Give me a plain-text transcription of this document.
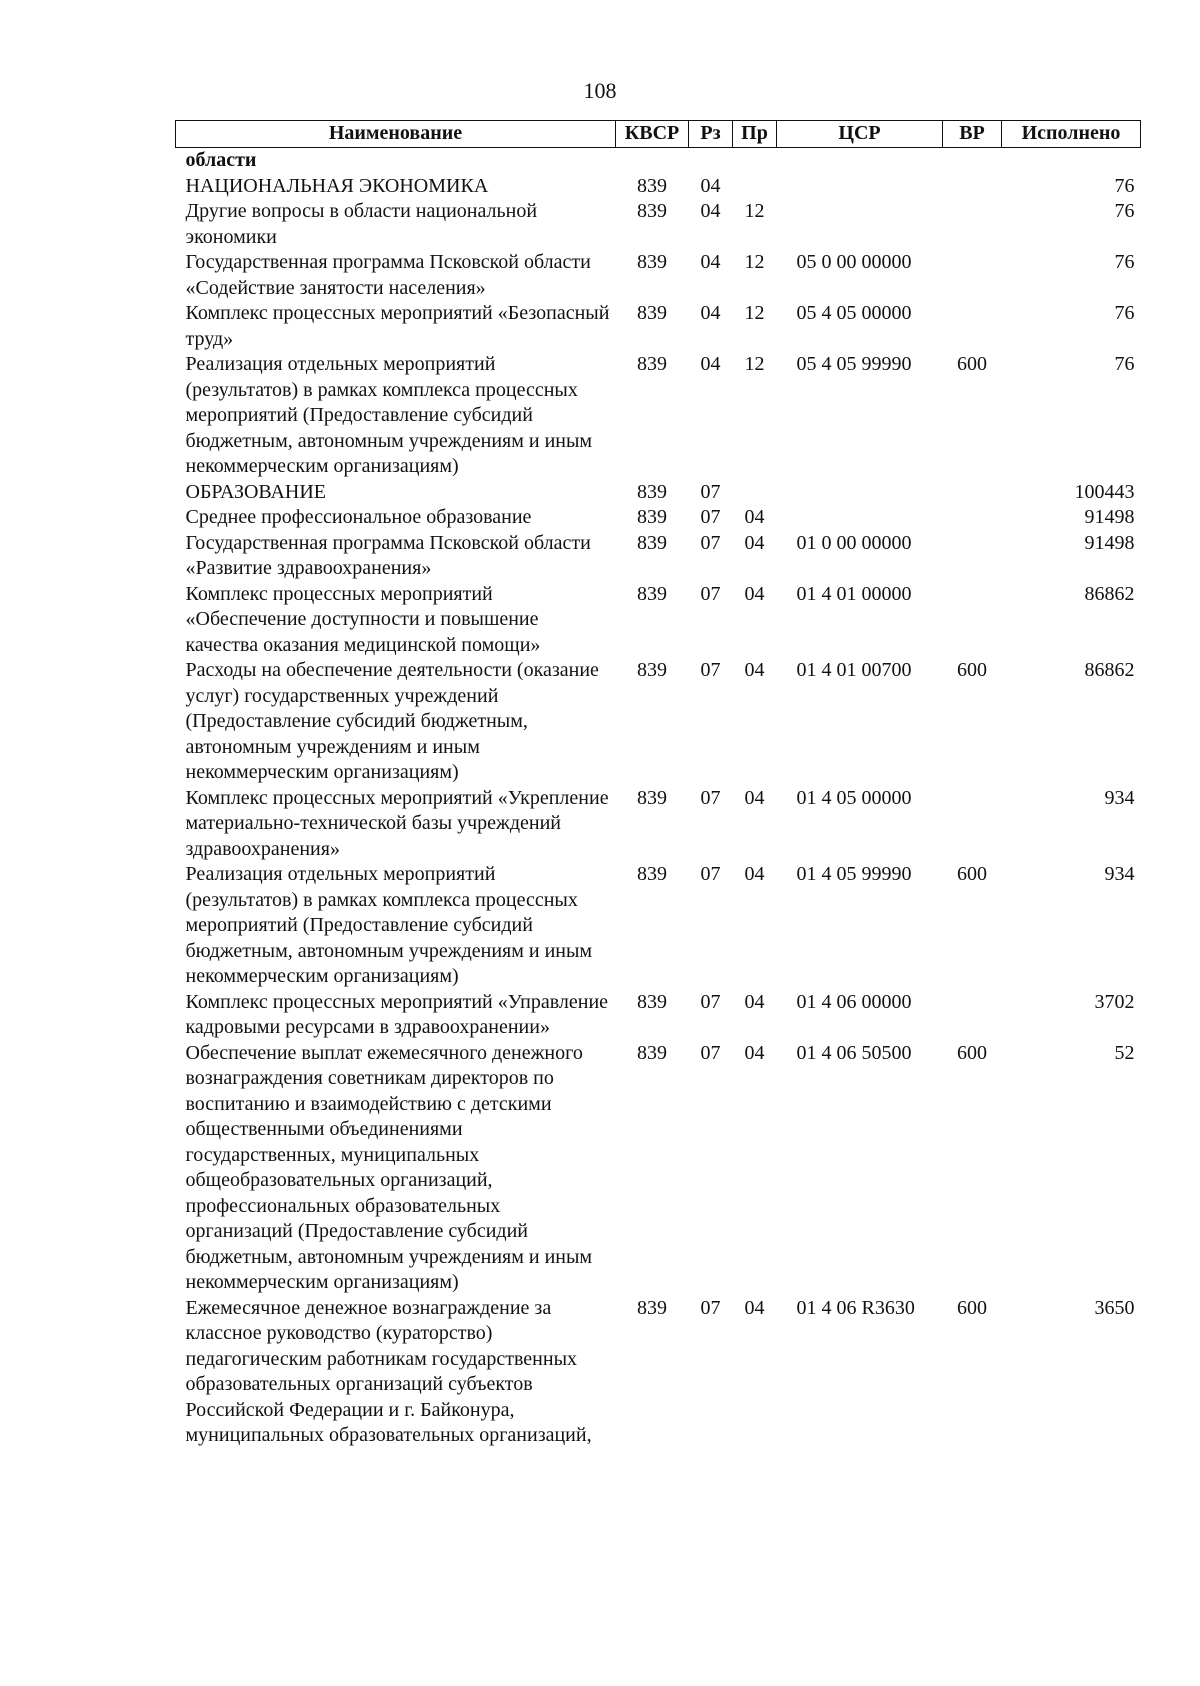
108
Наименование	КВСР	Рз	Пр	ЦСР	ВР	Исполнено
области						
НАЦИОНАЛЬНАЯ ЭКОНОМИКА	839	04				76
Другие вопросы в области национальной экономики	839	04	12			76
Государственная программа Псковской области «Содействие занятости населения»	839	04	12	05 0 00 00000		76
Комплекс процессных мероприятий «Безопасный труд»	839	04	12	05 4 05 00000		76
Реализация отдельных мероприятий (результатов) в рамках комплекса процессных мероприятий (Предоставление субсидий бюджетным, автономным учреждениям и иным некоммерческим организациям)	839	04	12	05 4 05 99990	600	76
ОБРАЗОВАНИЕ	839	07				100443
Среднее профессиональное образование	839	07	04			91498
Государственная программа Псковской области «Развитие здравоохранения»	839	07	04	01 0 00 00000		91498
Комплекс процессных мероприятий «Обеспечение доступности и повышение качества оказания медицинской помощи»	839	07	04	01 4 01 00000		86862
Расходы на обеспечение деятельности (оказание услуг) государственных учреждений (Предоставление субсидий бюджетным, автономным учреждениям и иным некоммерческим организациям)	839	07	04	01 4 01 00700	600	86862
Комплекс процессных мероприятий «Укрепление материально-технической базы учреждений здравоохранения»	839	07	04	01 4 05 00000		934
Реализация отдельных мероприятий (результатов) в рамках комплекса процессных мероприятий (Предоставление субсидий бюджетным, автономным учреждениям и иным некоммерческим организациям)	839	07	04	01 4 05 99990	600	934
Комплекс процессных мероприятий «Управление кадровыми ресурсами в здравоохранении»	839	07	04	01 4 06 00000		3702
Обеспечение выплат ежемесячного денежного вознаграждения советникам директоров по воспитанию и взаимодействию с детскими общественными объединениями государственных, муниципальных общеобразовательных организаций, профессиональных образовательных организаций (Предоставление субсидий бюджетным, автономным учреждениям и иным некоммерческим организациям)	839	07	04	01 4 06 50500	600	52
Ежемесячное денежное вознаграждение за классное руководство (кураторство) педагогическим работникам государственных образовательных организаций субъектов Российской Федерации и г. Байконура, муниципальных образовательных организаций,	839	07	04	01 4 06 R3630	600	3650
